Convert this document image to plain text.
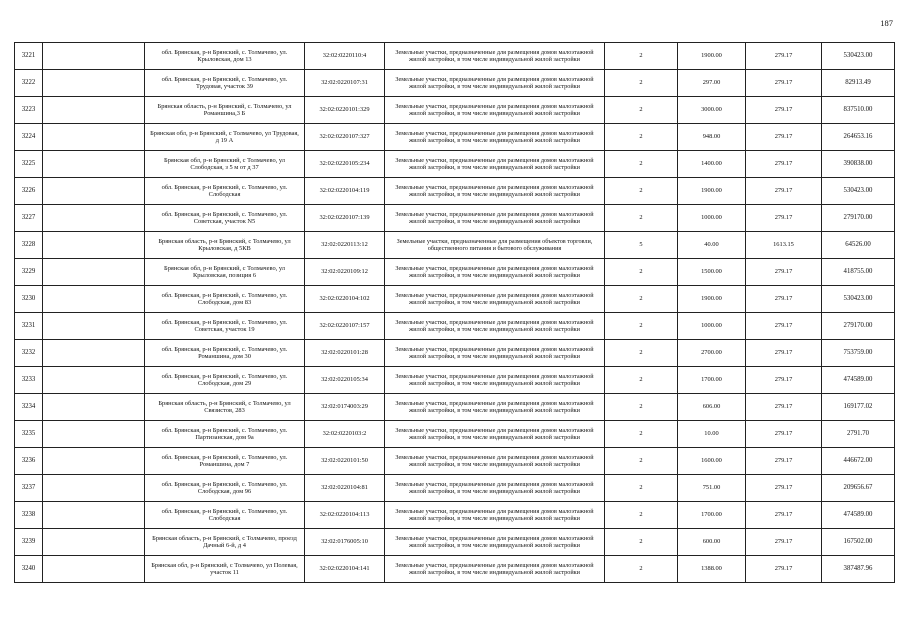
187
3221		обл. Брянская, р-н Брянский, с. Толмачево, ул. Крыловская, дом 13	32:02:0220110:4	Земельные участки, предназначенные для размещения домов малоэтажной жилой застройки, в том числе индивидуальной жилой застройки	2	1900.00	279.17	530423.00
3222		обл. Брянская, р-н Брянский, с. Толмачево, ул. Трудовая, участок 39	32:02:0220107:31	Земельные участки, предназначенные для размещения домов малоэтажной жилой застройки, в том числе индивидуальной жилой застройки	2	297.00	279.17	82913.49
3223		Брянская область, р-н Брянский, с. Толмачево, ул Романшина,3 Б	32:02:0220101:329	Земельные участки, предназначенные для размещения домов малоэтажной жилой застройки, в том числе индивидуальной жилой застройки	2	3000.00	279.17	837510.00
3224		Брянская обл, р-н Брянский, с Толмачево, ул Трудовая, д 19 А	32:02:0220107:327	Земельные участки, предназначенные для размещения домов малоэтажной жилой застройки, в том числе индивидуальной жилой застройки	2	948.00	279.17	264653.16
3225		Брянская обл, р-н Брянский, с Толмачево, ул Слободская, з 5 м от д 37	32:02:0220105:234	Земельные участки, предназначенные для размещения домов малоэтажной жилой застройки, в том числе индивидуальной жилой застройки	2	1400.00	279.17	390838.00
3226		обл. Брянская, р-н Брянский, с. Толмачево, ул. Слободская	32:02:0220104:119	Земельные участки, предназначенные для размещения домов малоэтажной жилой застройки, в том числе индивидуальной жилой застройки	2	1900.00	279.17	530423.00
3227		обл. Брянская, р-н Брянский, с. Толмачево, ул. Советская, участок N5	32:02:0220107:139	Земельные участки, предназначенные для размещения домов малоэтажной жилой застройки, в том числе индивидуальной жилой застройки	2	1000.00	279.17	279170.00
3228		Брянская область, р-н Брянский, с Толмачево, ул Крыловская, д 5КВ	32:02:0220113:12	Земельные участки, предназначенные для размещения объектов торговли, общественного питания и бытового обслуживания	5	40.00	1613.15	64526.00
3229		Брянская обл, р-н Брянский, с Толмачево, ул Крыловская, позиция 6	32:02:0220109:12	Земельные участки, предназначенные для размещения домов малоэтажной жилой застройки, в том числе индивидуальной жилой застройки	2	1500.00	279.17	418755.00
3230		обл. Брянская, р-н Брянский, с. Толмачево, ул. Слободская, дом 83	32:02:0220104:102	Земельные участки, предназначенные для размещения домов малоэтажной жилой застройки, в том числе индивидуальной жилой застройки	2	1900.00	279.17	530423.00
3231		обл. Брянская, р-н Брянский, с. Толмачево, ул. Советская, участок 19	32:02:0220107:157	Земельные участки, предназначенные для размещения домов малоэтажной жилой застройки, в том числе индивидуальной жилой застройки	2	1000.00	279.17	279170.00
3232		обл. Брянская, р-н Брянский, с. Толмачево, ул. Романшина, дом 30	32:02:0220101:28	Земельные участки, предназначенные для размещения домов малоэтажной жилой застройки, в том числе индивидуальной жилой застройки	2	2700.00	279.17	753759.00
3233		обл. Брянская, р-н Брянский, с. Толмачево, ул. Слободская, дом 29	32:02:0220105:34	Земельные участки, предназначенные для размещения домов малоэтажной жилой застройки, в том числе индивидуальной жилой застройки	2	1700.00	279.17	474589.00
3234		Брянская область, р-н Брянский, с Толмачево, ул Связистов, 283	32:02:0174003:29	Земельные участки, предназначенные для размещения домов малоэтажной жилой застройки, в том числе индивидуальной жилой застройки	2	606.00	279.17	169177.02
3235		обл. Брянская, р-н Брянский, с. Толмачево, ул. Партизанская, дом 9а	32:02:0220103:2	Земельные участки, предназначенные для размещения домов малоэтажной жилой застройки, в том числе индивидуальной жилой застройки	2	10.00	279.17	2791.70
3236		обл. Брянская, р-н Брянский, с. Толмачево, ул. Романшина, дом 7	32:02:0220101:50	Земельные участки, предназначенные для размещения домов малоэтажной жилой застройки, в том числе индивидуальной жилой застройки	2	1600.00	279.17	446672.00
3237		обл. Брянская, р-н Брянский, с. Толмачево, ул. Слободская, дом 96	32:02:0220104:81	Земельные участки, предназначенные для размещения домов малоэтажной жилой застройки, в том числе индивидуальной жилой застройки	2	751.00	279.17	209656.67
3238		обл. Брянская, р-н Брянский, с. Толмачево, ул. Слободская	32:02:0220104:113	Земельные участки, предназначенные для размещения домов малоэтажной жилой застройки, в том числе индивидуальной жилой застройки	2	1700.00	279.17	474589.00
3239		Брянская область, р-н Брянский, с Толмачево, проезд Дачный 6-й, д 4	32:02:0176005:10	Земельные участки, предназначенные для размещения домов малоэтажной жилой застройки, в том числе индивидуальной жилой застройки	2	600.00	279.17	167502.00
3240		Брянская обл, р-н Брянский, с Толмачево, ул Полевая, участок 11	32:02:0220104:141	Земельные участки, предназначенные для размещения домов малоэтажной жилой застройки, в том числе индивидуальной жилой застройки	2	1388.00	279.17	387487.96
